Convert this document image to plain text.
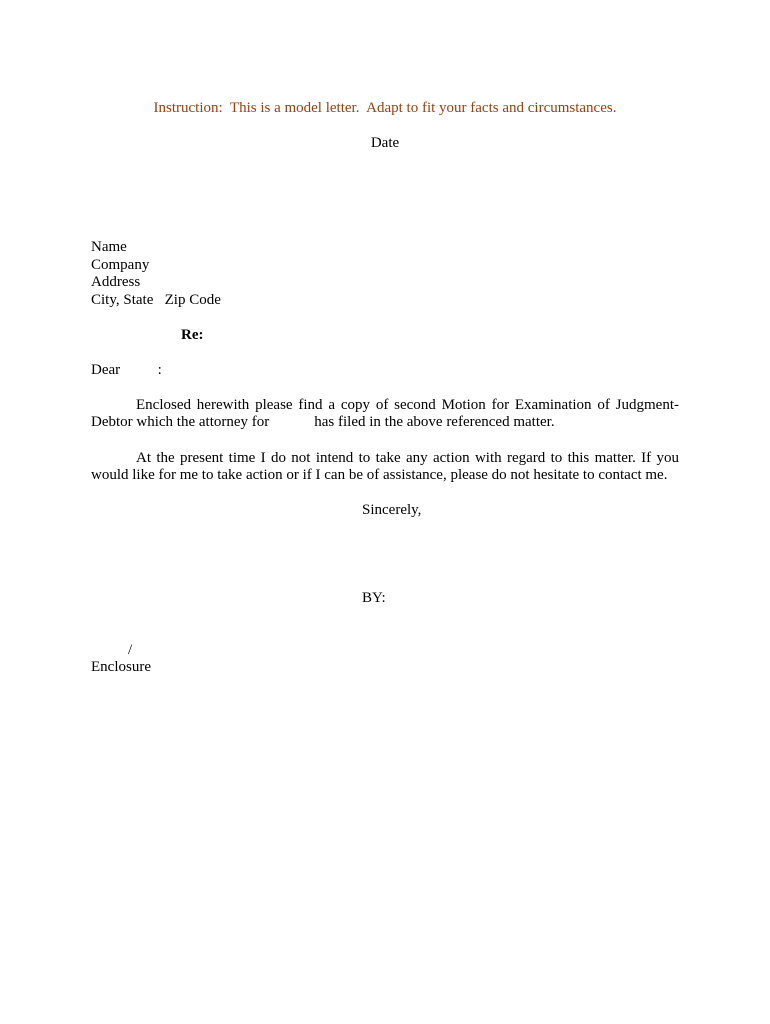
Instruction:  This is a model letter.  Adapt to fit your facts and circumstances.
Date
Name
Company
Address
City, State   Zip Code
Re:
Dear          :
Enclosed herewith please find a copy of second Motion for Examination of Judgment-
Debtor which the attorney for            has filed in the above referenced matter.
At the present time I do not intend to take any action with regard to this matter. If you
would like for me to take action or if I can be of assistance, please do not hesitate to contact me.
Sincerely,
BY:
/
Enclosure
